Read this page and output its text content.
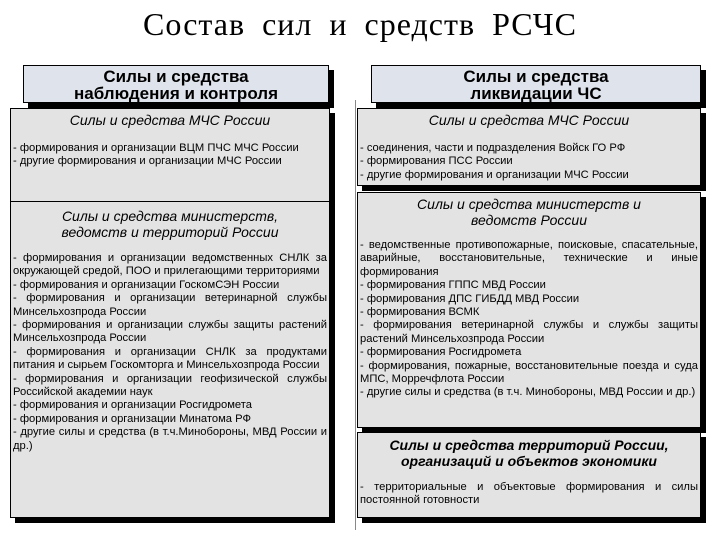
Состав сил и средств РСЧС
Силы и средства
наблюдения и контроля
Силы и средства МЧС России
- формирования и организации ВЦМ ПЧС МЧС России
- другие формирования и организации МЧС России
Силы и средства министерств,
ведомств и территорий России
- формирования и организации ведомственных СНЛК за окружающей средой, ПОО и прилегающими территориями
- формирования и организации ГоскомСЭН России
- формирования и организации ветеринарной службы Минсельхозпрода России
- формирования и организации службы защиты растений Минсельхозпрода России
- формирования и организации СНЛК за продуктами питания и сырьем Госкомторга и Минсельхозпрода России
- формирования и организации геофизической службы Российской академии наук
- формирования и организации Росгидромета
- формирования и организации Минатома РФ
- другие силы и средства (в т.ч.Минобороны, МВД России и др.)
Силы и средства
ликвидации ЧС
Силы и средства МЧС России
- соединения, части и подразделения Войск ГО РФ
- формирования ПСС России
- другие формирования и организации МЧС России
Силы и средства министерств и
ведомств России
- ведомственные противопожарные, поисковые, спасательные, аварийные, восстановительные, технические и иные формирования
- формирования ГППС МВД России
- формирования ДПС ГИБДД МВД России
- формирования ВСМК
- формирования ветеринарной службы и службы защиты растений Минсельхозпрода России
- формирования Росгидромета
- формирования, пожарные, восстановительные поезда и суда МПС, Морречфлота России
- другие силы и средства (в т.ч. Минобороны, МВД России и др.)
Силы и средства территорий России,
организаций и объектов экономики
- территориальные и объектовые формирования и силы постоянной готовности
